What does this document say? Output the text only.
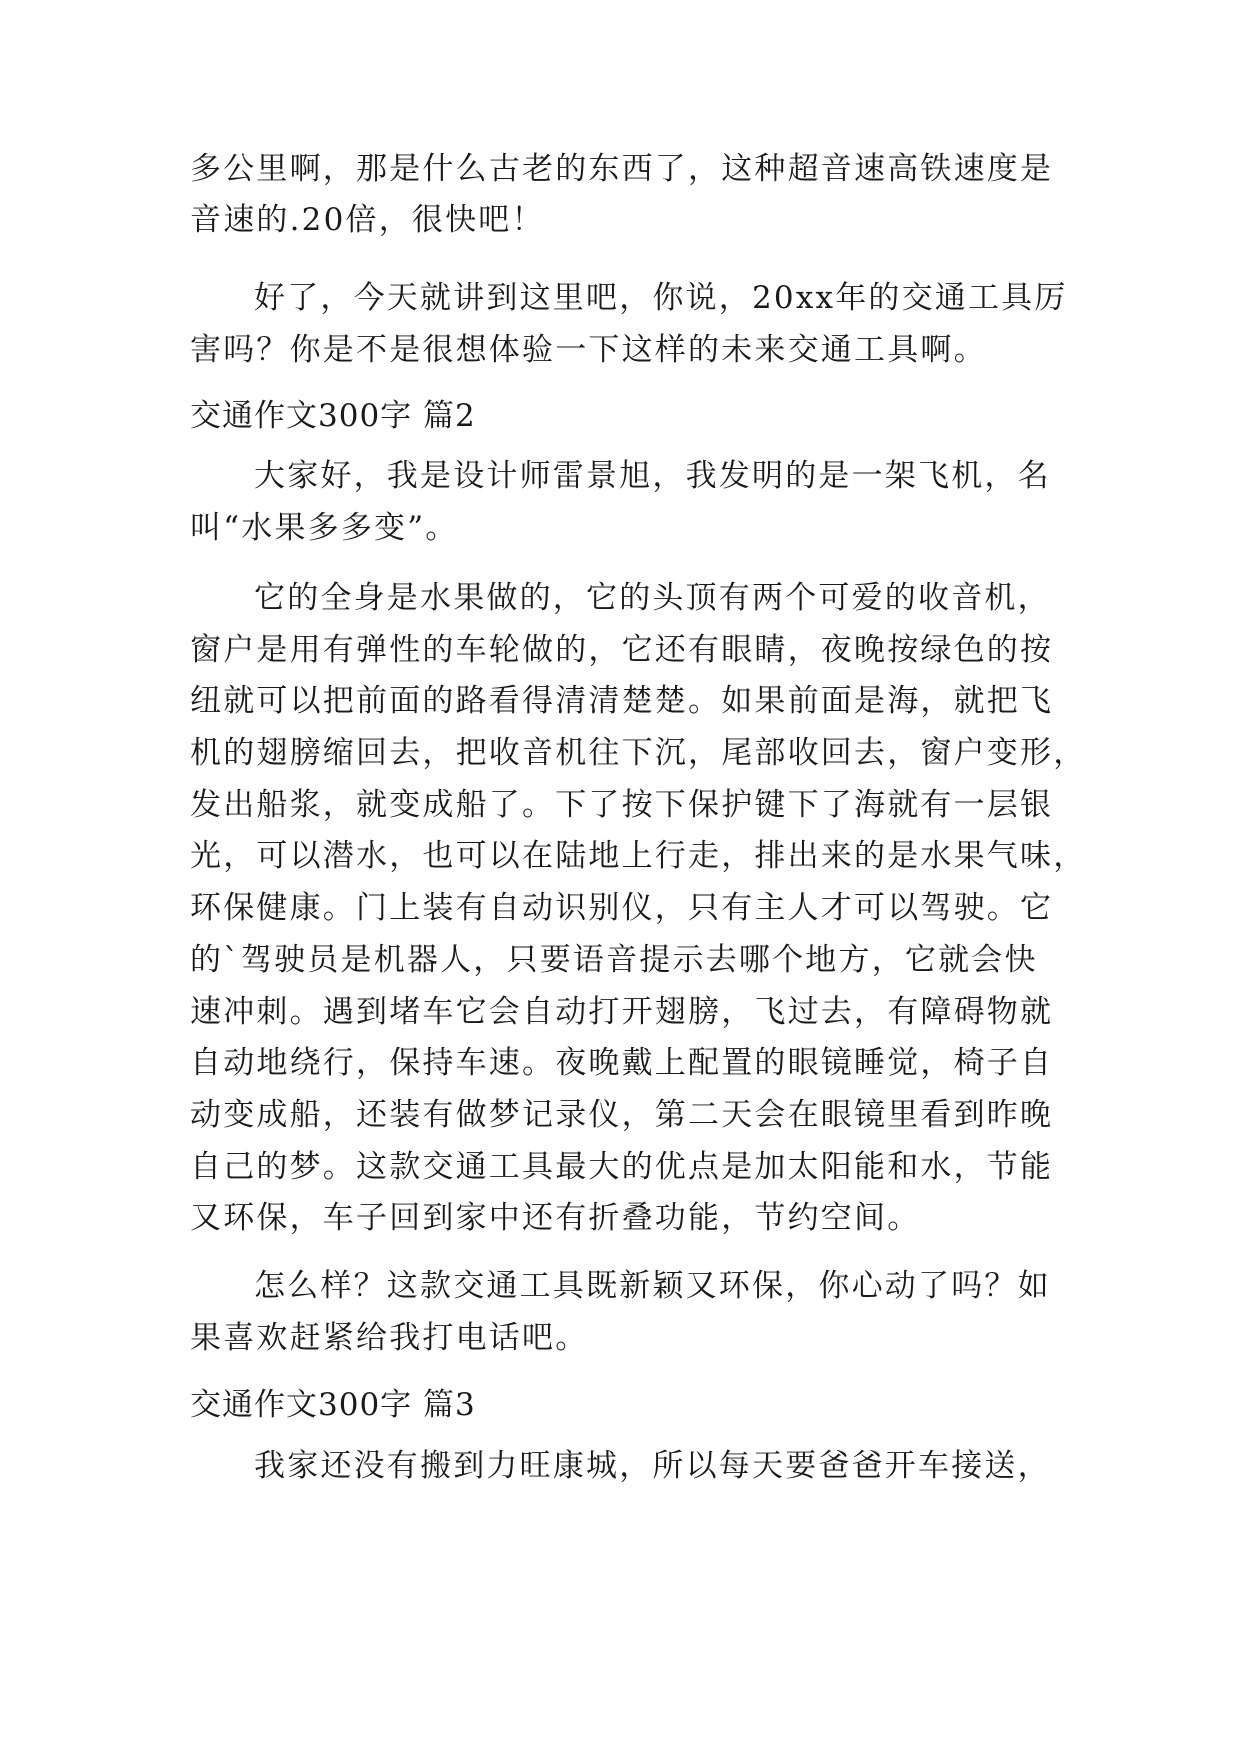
多公里啊，那是什么古老的东西了，这种超音速高铁速度是
音速的.20倍，很快吧！
好了，今天就讲到这里吧，你说，20xx年的交通工具厉
害吗？你是不是很想体验一下这样的未来交通工具啊。
交通作文300字 篇2
大家好，我是设计师雷景旭，我发明的是一架飞机，名
叫“水果多多变”。
它的全身是水果做的，它的头顶有两个可爱的收音机，
窗户是用有弹性的车轮做的，它还有眼睛，夜晚按绿色的按
纽就可以把前面的路看得清清楚楚。如果前面是海，就把飞
机的翅膀缩回去，把收音机往下沉，尾部收回去，窗户变形，
发出船浆，就变成船了。下了按下保护键下了海就有一层银
光，可以潜水，也可以在陆地上行走，排出来的是水果气味，
环保健康。门上装有自动识别仪，只有主人才可以驾驶。它
的`驾驶员是机器人，只要语音提示去哪个地方，它就会快
速冲刺。遇到堵车它会自动打开翅膀，飞过去，有障碍物就
自动地绕行，保持车速。夜晚戴上配置的眼镜睡觉，椅子自
动变成船，还装有做梦记录仪，第二天会在眼镜里看到昨晚
自己的梦。这款交通工具最大的优点是加太阳能和水，节能
又环保，车子回到家中还有折叠功能，节约空间。
怎么样？这款交通工具既新颖又环保，你心动了吗？如
果喜欢赶紧给我打电话吧。
交通作文300字 篇3
我家还没有搬到力旺康城，所以每天要爸爸开车接送，
